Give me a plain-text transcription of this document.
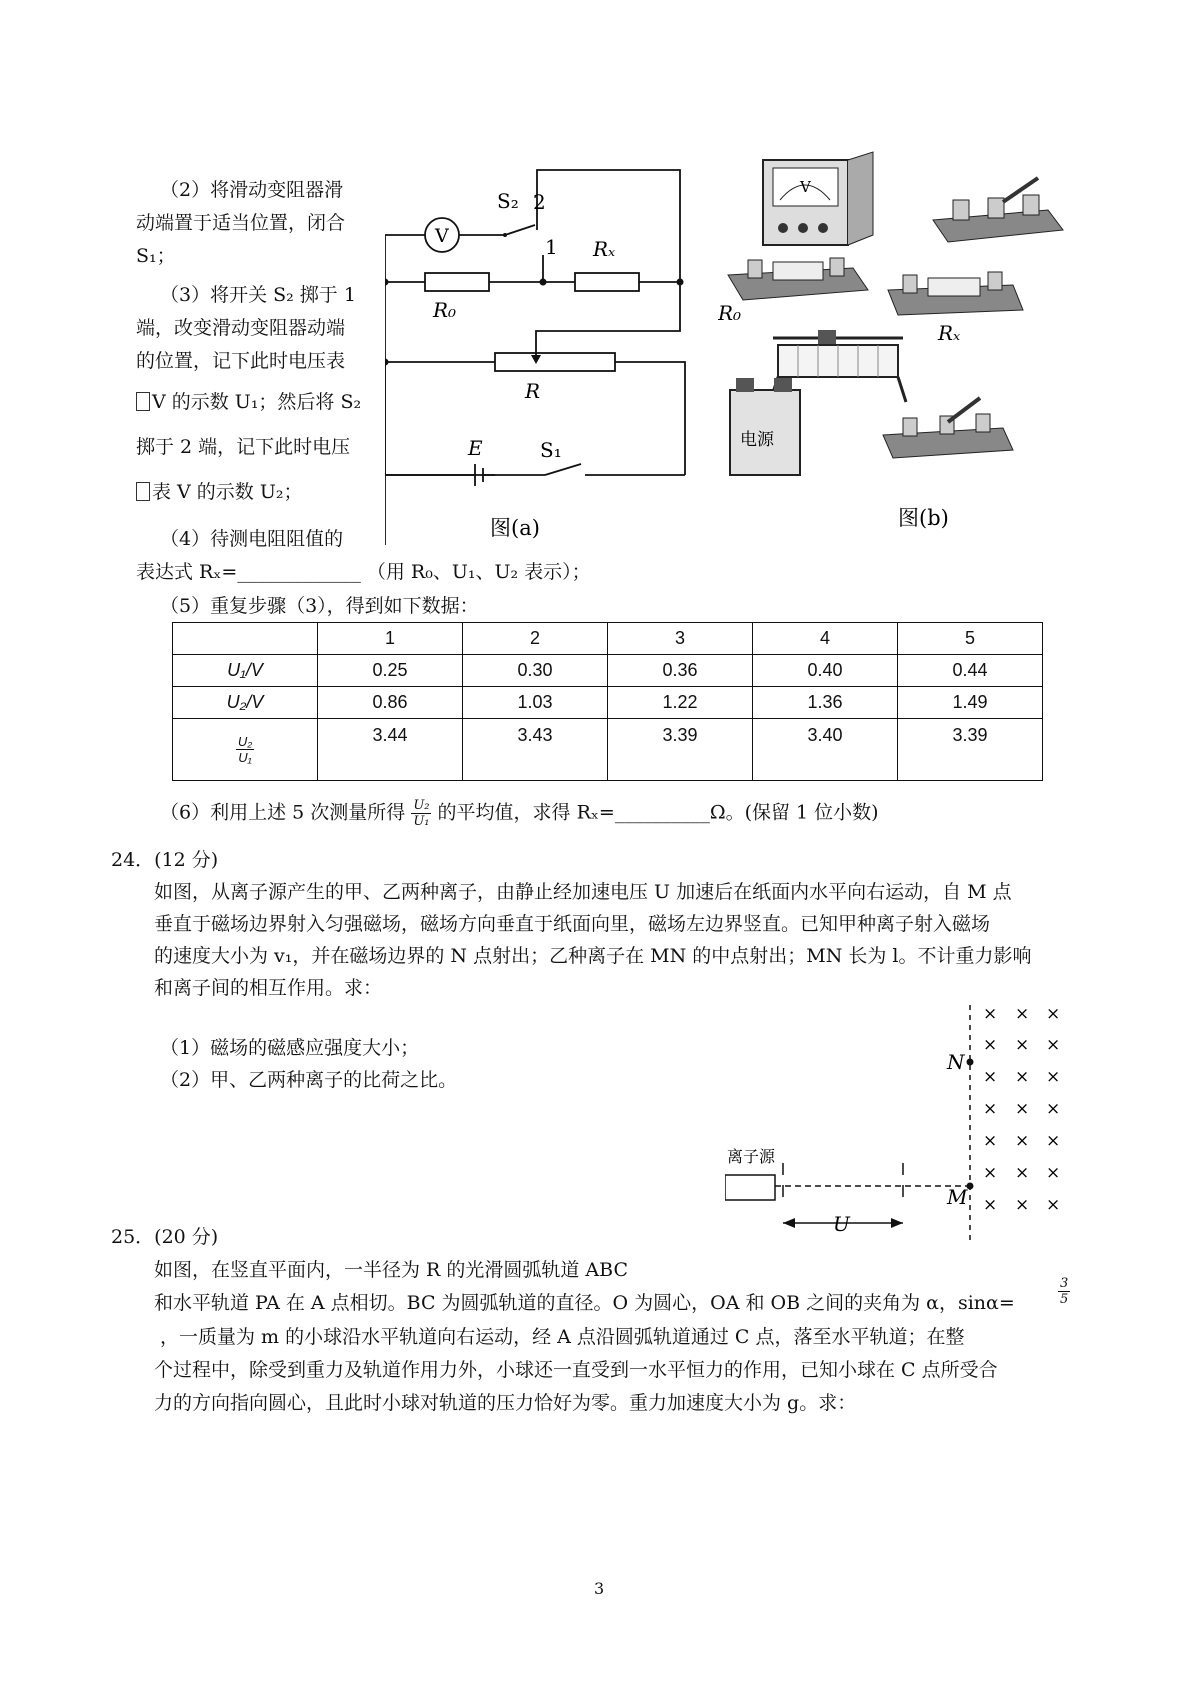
（2）将滑动变阻器滑
动端置于适当位置，闭合
S₁；
（3）将开关 S₂ 掷于 1
端，改变滑动变阻器动端
的位置，记下此时电压表
V 的示数 U₁；然后将 S₂
掷于 2 端，记下此时电压
表 V 的示数 U₂；
（4）待测电阻阻值的
表达式 Rₓ=_____________ （用 R₀、U₁、U₂ 表示）；
（5）重复步骤（3），得到如下数据：
V
S₂ 2
1 Rₓ
R₀
R
E	S₁
图(a)
V
R₀
Rₓ
电源
图(b)
	1	2	3	4	5
U₁/V	0.25	0.30	0.36	0.40	0.44
U₂/V	0.86	1.03	1.22	1.36	1.49

$\frac{\text{U₂}}{\text{U₁}}$	3.44	3.43	3.39	3.40	3.39
（6）利用上述 5 次测量所得 $\frac{\text{U₂}}{\text{U₁}}$ 的平均值，求得 Rₓ=__________Ω。(保留 1 位小数)
24．(12 分)
如图，从离子源产生的甲、乙两种离子，由静止经加速电压 U 加速后在纸面内水平向右运动，自 M 点
垂直于磁场边界射入匀强磁场，磁场方向垂直于纸面向里，磁场左边界竖直。已知甲种离子射入磁场
的速度大小为 v₁，并在磁场边界的 N 点射出；乙种离子在 MN 的中点射出；MN 长为 l。不计重力影响
和离子间的相互作用。求：
（1）磁场的磁感应强度大小；
（2）甲、乙两种离子的比荷之比。
离子源
U
N
M
× × ×
× × ×
× × ×
× × ×
× × ×
× × ×
× × ×
25．(20 分)
如图，在竖直平面内，一半径为 R 的光滑圆弧轨道 ABC
和水平轨道 PA 在 A 点相切。BC 为圆弧轨道的直径。O 为圆心，OA 和 OB 之间的夹角为 α，sinα=	$\frac{3}{5}$
，一质量为 m 的小球沿水平轨道向右运动，经 A 点沿圆弧轨道通过 C 点，落至水平轨道；在整
个过程中，除受到重力及轨道作用力外，小球还一直受到一水平恒力的作用，已知小球在 C 点所受合
力的方向指向圆心，且此时小球对轨道的压力恰好为零。重力加速度大小为 g。求：
3
